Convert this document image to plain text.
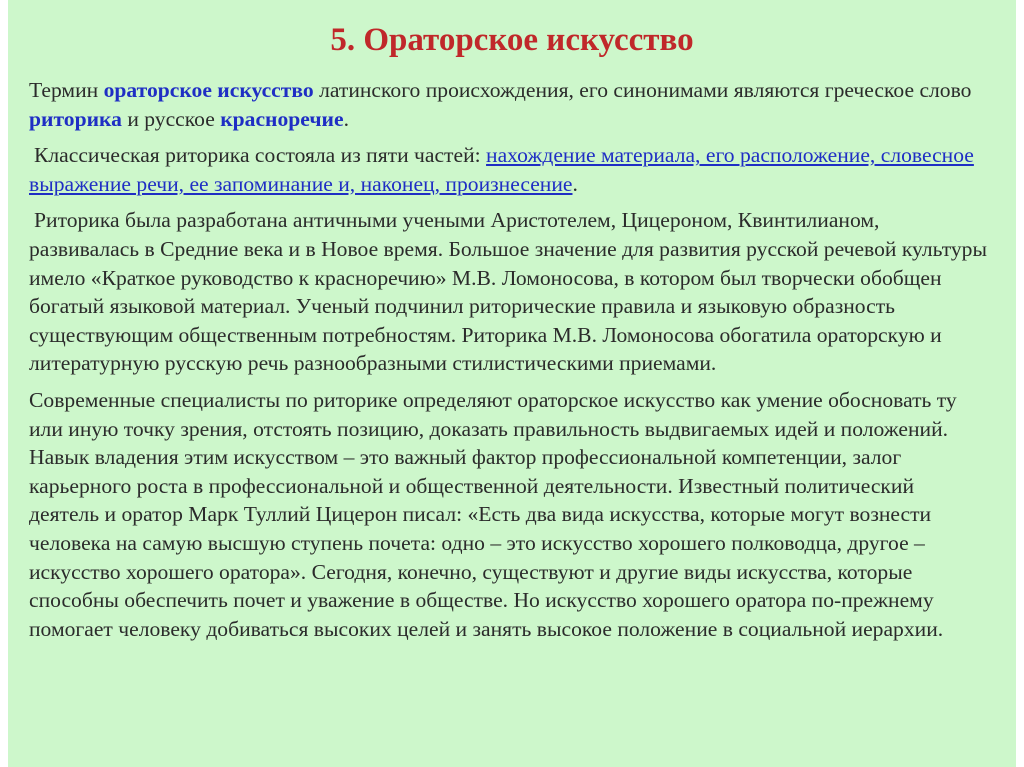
5. Ораторское искусство

Термин ораторское искусство латинского происхождения, его синонимами являются греческое слово риторика и русское красноречие.

Классическая риторика состояла из пяти частей: нахождение материала, его расположение, словесное выражение речи, ее запоминание и, наконец, произнесение.

Риторика была разработана античными учеными Аристотелем, Цицероном, Квинтилианом, развивалась в Средние века и в Новое время. Большое значение для развития русской речевой культуры имело «Краткое руководство к красноречию» М.В. Ломоносова, в котором был творчески обобщен богатый языковой материал. Ученый подчинил риторические правила и языковую образность существующим общественным потребностям. Риторика М.В. Ломоносова обогатила ораторскую и литературную русскую речь разнообразными стилистическими приемами.

Современные специалисты по риторике определяют ораторское искусство как умение обосновать ту или иную точку зрения, отстоять позицию, доказать правильность выдвигаемых идей и положений. Навык владения этим искусством – это важный фактор профессиональной компетенции, залог карьерного роста в профессиональной и общественной деятельности. Известный политический деятель и оратор Марк Туллий Цицерон писал: «Есть два вида искусства, которые могут вознести человека на самую высшую ступень почета: одно – это искусство хорошего полководца, другое – искусство хорошего оратора». Сегодня, конечно, существуют и другие виды искусства, которые способны обеспечить почет и уважение в обществе. Но искусство хорошего оратора по-прежнему помогает человеку добиваться высоких целей и занять высокое положение в социальной иерархии.
